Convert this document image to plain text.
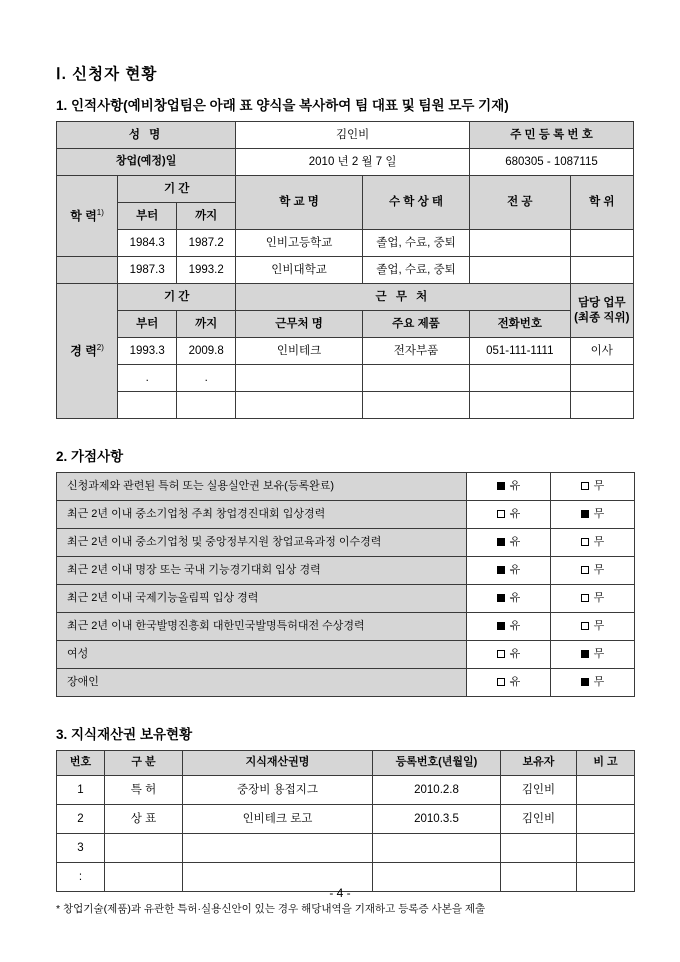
Ⅰ. 신청자 현황
1. 인적사항(예비창업팀은 아래 표 양식을 복사하여 팀 대표 및 팀원 모두 기재)
성 명			김인비		주 민 등 록 번 호	
창업(예정)일			2010 년 2 월 7 일		680305 - 1087115	
학 력$^{1)}$	기 간		학 교 명	수 학 상 태	전 공	학 위
	부터	까지				
	1984.3	1987.2	인비고등학교	졸업, 수료, 중퇴		
	1987.3	1993.2	인비대학교	졸업, 수료, 중퇴		
경 력$^{2)}$	기 간		근 무 처			담당 업무
(최종 직위)

	부터	까지	근무처 명	주요 제품	전화번호	
	1993.3	2009.8	인비테크	전자부품	051-111-1111	이사
	.	.				

2. 가점사항
신청과제와 관련된 특허 또는 실용실안권 보유(등록완료)	유	무
최근 2년 이내 중소기업청 주최 창업경진대회 입상경력	유	무
최근 2년 이내 중소기업청 및 중앙정부지원 창업교육과정 이수경력	유	무
최근 2년 이내 명장 또는 국내 기능경기대회 입상 경력	유	무
최근 2년 이내 국제기능올림픽 입상 경력	유	무
최근 2년 이내 한국발명진흥회 대한민국발명특허대전 수상경력	유	무
여성	유	무
장애인	유	무
3. 지식재산권 보유현황
번호	구 분	지식재산권명	등록번호(년월일)	보유자	비 고
1	특 허	중장비 용접지그	2010.2.8	김인비	
2	상 표	인비테크 로고	2010.3.5	김인비	
3					
:					
* 창업기술(제품)과 유관한 특허·실용신안이 있는 경우 해당내역을 기재하고 등록증 사본을 제출
- 4 -
